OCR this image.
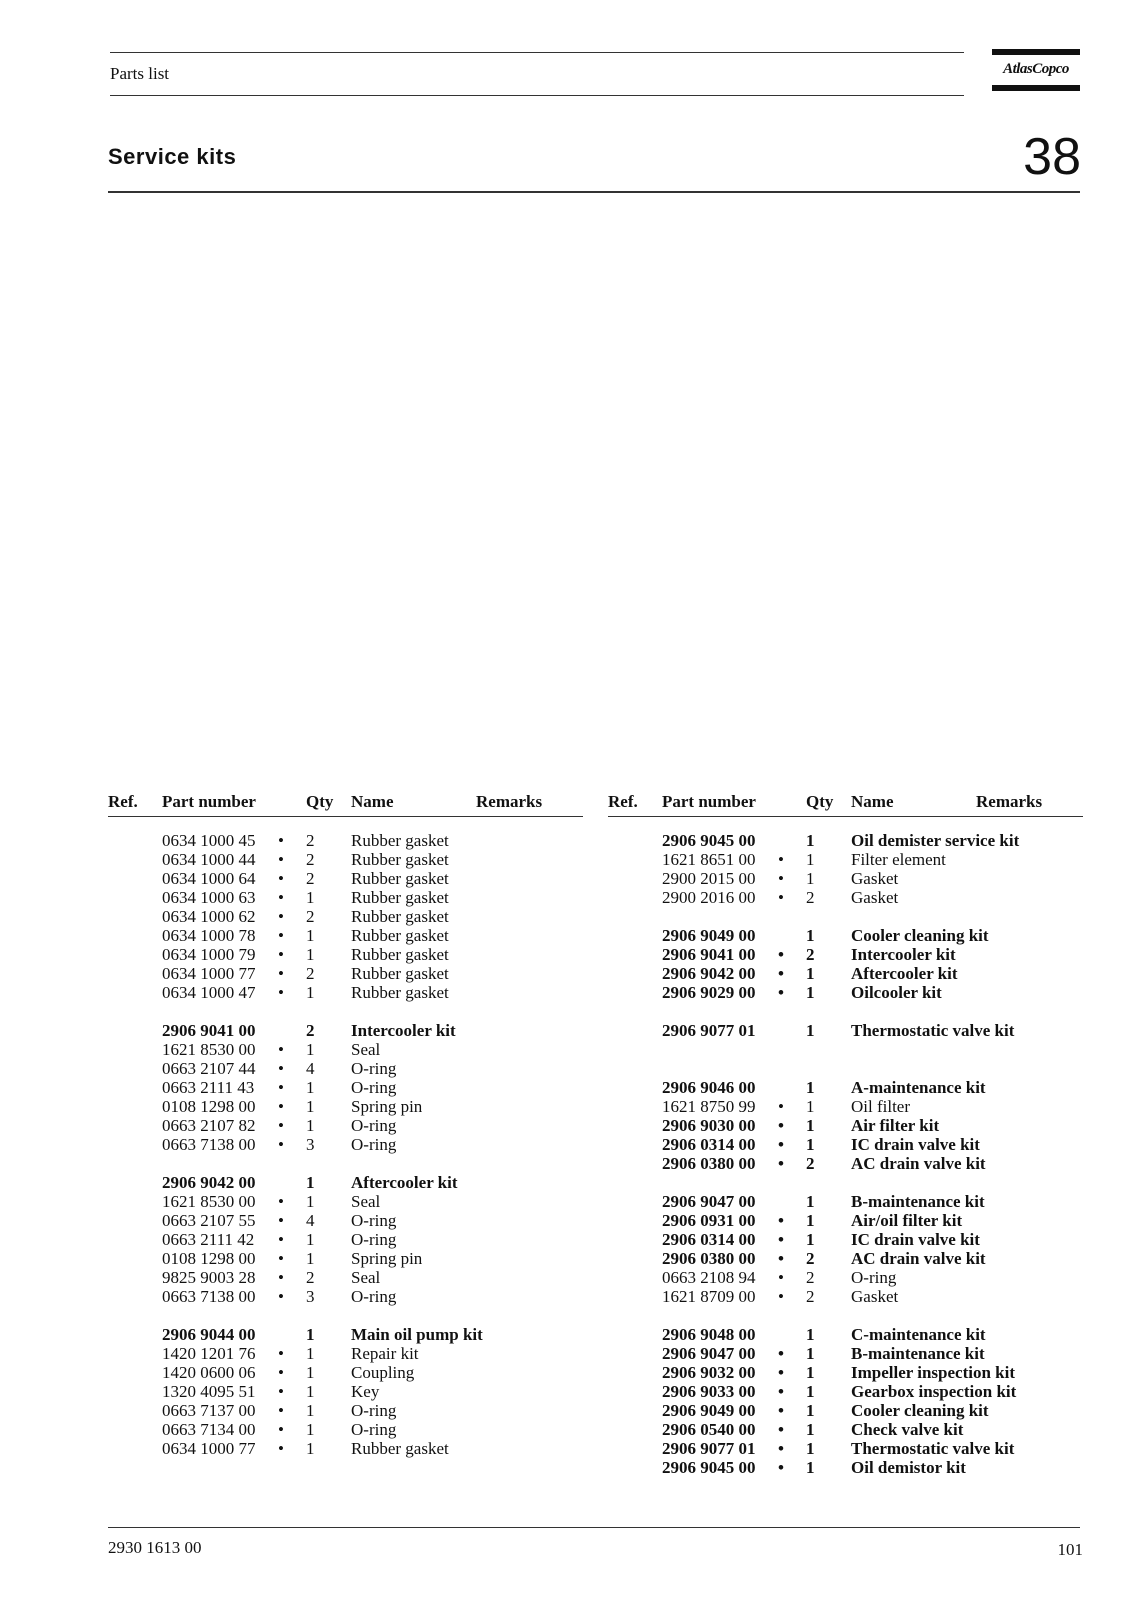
Parts list	AtlasCopco
Service kits	38
Ref. Part number	Qty Name	Remarks
0634 1000 45 • 2	Rubber gasket
0634 1000 44 • 2	Rubber gasket
0634 1000 64 • 2	Rubber gasket
0634 1000 63 • 1	Rubber gasket
0634 1000 62 • 2	Rubber gasket
0634 1000 78 • 1	Rubber gasket
0634 1000 79 • 1	Rubber gasket
0634 1000 77 • 2	Rubber gasket
0634 1000 47 • 1	Rubber gasket
2906 9041 00	2	Intercooler kit
1621 8530 00 • 1	Seal
0663 2107 44 • 4	O-ring
0663 2111 43 • 1	O-ring
0108 1298 00 • 1	Spring pin
0663 2107 82 • 1	O-ring
0663 7138 00 • 3	O-ring
2906 9042 00	1	Aftercooler kit
1621 8530 00 • 1	Seal
0663 2107 55 • 4	O-ring
0663 2111 42 • 1	O-ring
0108 1298 00 • 1	Spring pin
9825 9003 28 • 2	Seal
0663 7138 00 • 3	O-ring
2906 9044 00	1	Main oil pump kit
1420 1201 76 • 1	Repair kit
1420 0600 06 • 1	Coupling
1320 4095 51 • 1	Key
0663 7137 00 • 1	O-ring
0663 7134 00 • 1	O-ring
0634 1000 77 • 1	Rubber gasket
Ref. Part number	Qty Name	Remarks
2906 9045 00	1	Oil demister service kit
1621 8651 00 • 1	Filter element
2900 2015 00 • 1	Gasket
2900 2016 00 • 2	Gasket
2906 9049 00	1	Cooler cleaning kit
2906 9041 00 • 2	Intercooler kit
2906 9042 00 • 1	Aftercooler kit
2906 9029 00 • 1	Oilcooler kit
2906 9077 01	1	Thermostatic valve kit
2906 9046 00	1	A-maintenance kit
1621 8750 99 • 1	Oil filter
2906 9030 00 • 1	Air filter kit
2906 0314 00 • 1	IC drain valve kit
2906 0380 00 • 2	AC drain valve kit
2906 9047 00	1	B-maintenance kit
2906 0931 00 • 1	Air/oil filter kit
2906 0314 00 • 1	IC drain valve kit
2906 0380 00 • 2	AC drain valve kit
0663 2108 94 • 2	O-ring
1621 8709 00 • 2	Gasket
2906 9048 00	1	C-maintenance kit
2906 9047 00 • 1	B-maintenance kit
2906 9032 00 • 1	Impeller inspection kit
2906 9033 00 • 1	Gearbox inspection kit
2906 9049 00 • 1	Cooler cleaning kit
2906 0540 00 • 1	Check valve kit
2906 9077 01 • 1	Thermostatic valve kit
2906 9045 00 • 1	Oil demistor kit
2930 1613 00	101
